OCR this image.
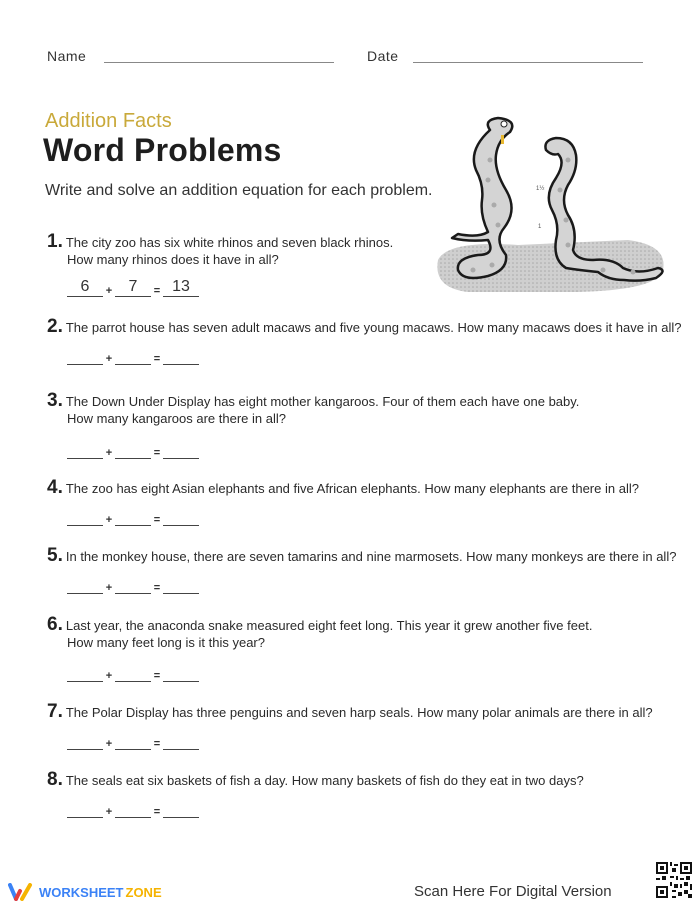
Name	Date
Addition Facts
Word Problems
Write and solve an addition equation for each problem.	1½
1
1. The city zoo has six white rhinos and seven black rhinos.
How many rhinos does it have in all?
6 + 7 = 13
2. The parrot house has seven adult macaws and five young macaws. How many macaws does it have in all?
+	=
3. The Down Under Display has eight mother kangaroos. Four of them each have one baby.
How many kangaroos are there in all?
+	=
4. The zoo has eight Asian elephants and five African elephants. How many elephants are there in all?
+	=
5. In the monkey house, there are seven tamarins and nine marmosets. How many monkeys are there in all?
+	=
6. Last year, the anaconda snake measured eight feet long. This year it grew another five feet.
How many feet long is it this year?
+	=
7. The Polar Display has three penguins and seven harp seals. How many polar animals are there in all?
+	=
8. The seals eat six baskets of fish a day. How many baskets of fish do they eat in two days?
+	=
WORKSHEET ZONE	Scan Here For Digital Version
